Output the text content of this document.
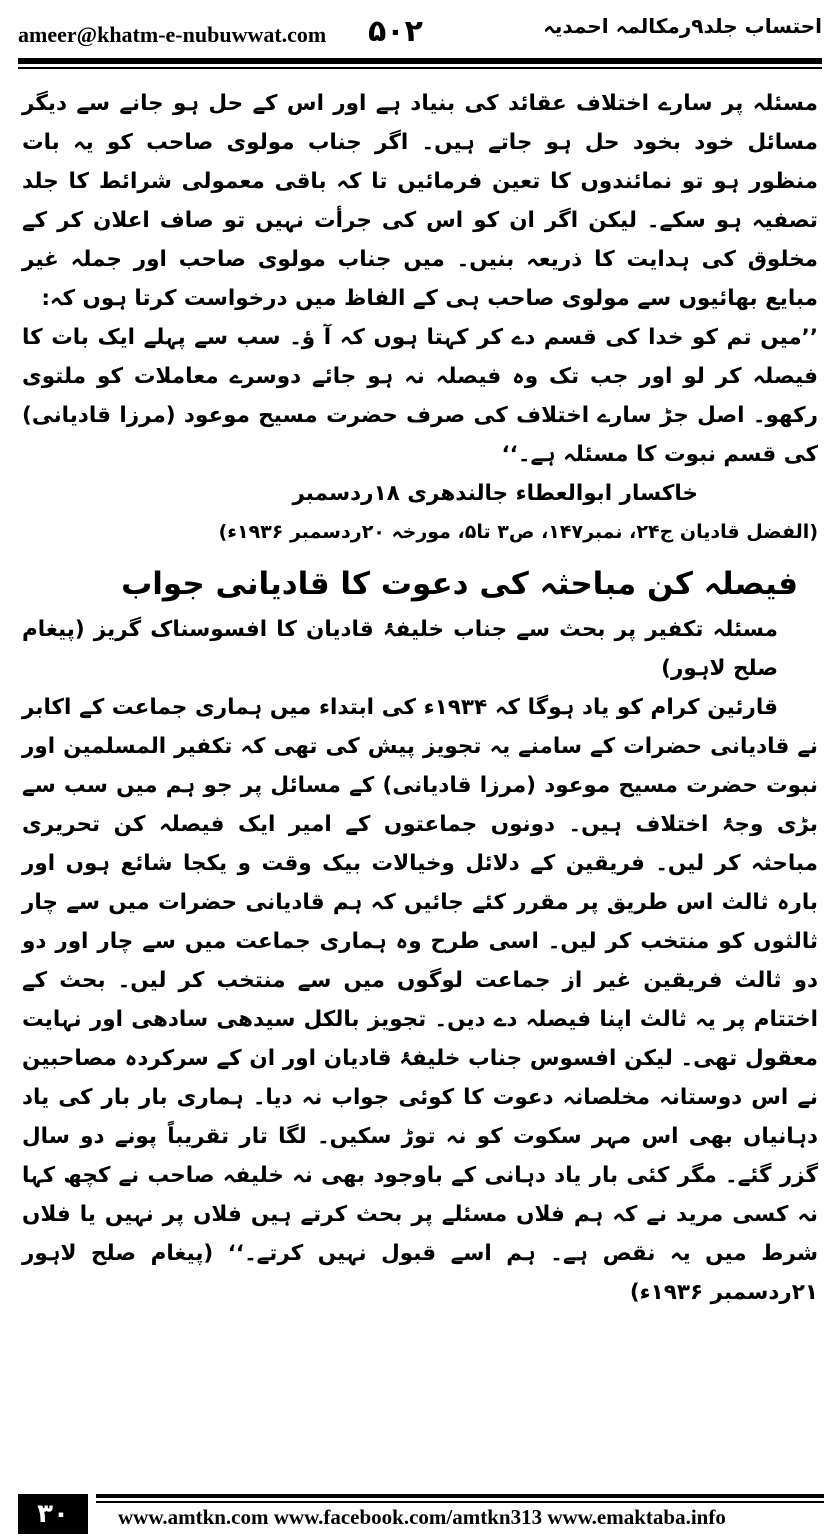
ameer@khatm-e-nubuwwat.com ۵۰۲	احتساب جلد۹رمکالمہ احمدیہ

مسئلہ پر سارے اختلاف عقائد کی بنیاد ہے اور اس کے حل ہو جانے سے دیگر مسائل خود بخود حل ہو جاتے ہیں۔ اگر جناب مولوی صاحب کو یہ بات منظور ہو تو نمائندوں کا تعین فرمائیں تا کہ باقی معمولی شرائط کا جلد تصفیہ ہو سکے۔ لیکن اگر ان کو اس کی جرأت نہیں تو صاف اعلان کر کے مخلوق کی ہدایت کا ذریعہ بنیں۔ میں جناب مولوی صاحب اور جملہ غیر مبایع بھائیوں سے مولوی صاحب ہی کے الفاظ میں درخواست کرتا ہوں کہ:

’’میں تم کو خدا کی قسم دے کر کہتا ہوں کہ آ ؤ۔ سب سے پہلے ایک بات کا فیصلہ کر لو اور جب تک وہ فیصلہ نہ ہو جائے دوسرے معاملات کو ملتوی رکھو۔ اصل جڑ سارے اختلاف کی صرف حضرت مسیح موعود (مرزا قادیانی) کی قسم نبوت کا مسئلہ ہے۔‘‘

خاکسار ابوالعطاء جالندھری ۱۸ردسمبر

(الفضل قادیان ج۲۴، نمبر۱۴۷، ص۳ تا۵، مورخہ ۲۰ردسمبر ۱۹۳۶ء)

فیصلہ کن مباحثہ کی دعوت کا قادیانی جواب

مسئلہ تکفیر پر بحث سے جناب خلیفۂ قادیان کا افسوسناک گریز (پیغام صلح لاہور)

قارئین کرام کو یاد ہوگا کہ ۱۹۳۴ء کی ابتداء میں ہماری جماعت کے اکابر نے قادیانی حضرات کے سامنے یہ تجویز پیش کی تھی کہ تکفیر المسلمین اور نبوت حضرت مسیح موعود (مرزا قادیانی) کے مسائل پر جو ہم میں سب سے بڑی وجۂ اختلاف ہیں۔ دونوں جماعتوں کے امیر ایک فیصلہ کن تحریری مباحثہ کر لیں۔ فریقین کے دلائل وخیالات بیک وقت و یکجا شائع ہوں اور بارہ ثالث اس طریق پر مقرر کئے جائیں کہ ہم قادیانی حضرات میں سے چار ثالثوں کو منتخب کر لیں۔ اسی طرح وہ ہماری جماعت میں سے چار اور دو دو ثالث فریقین غیر از جماعت لوگوں میں سے منتخب کر لیں۔ بحث کے اختتام پر یہ ثالث اپنا فیصلہ دے دیں۔ تجویز بالکل سیدھی سادھی اور نہایت معقول تھی۔ لیکن افسوس جناب خلیفۂ قادیان اور ان کے سرکردہ مصاحبین نے اس دوستانہ مخلصانہ دعوت کا کوئی جواب نہ دیا۔ ہماری بار بار کی یاد دہانیاں بھی اس مہر سکوت کو نہ توڑ سکیں۔ لگا تار تقریباً پونے دو سال گزر گئے۔ مگر کئی بار یاد دہانی کے باوجود بھی نہ خلیفہ صاحب نے کچھ کہا نہ کسی مرید نے کہ ہم فلاں مسئلے پر بحث کرتے ہیں فلاں پر نہیں یا فلاں شرط میں یہ نقص ہے۔ ہم اسے قبول نہیں کرتے۔‘‘ (پیغام صلح لاہور ۲۱ردسمبر ۱۹۳۶ء)

۳۰	www.amtkn.com www.facebook.com/amtkn313 www.emaktaba.info
